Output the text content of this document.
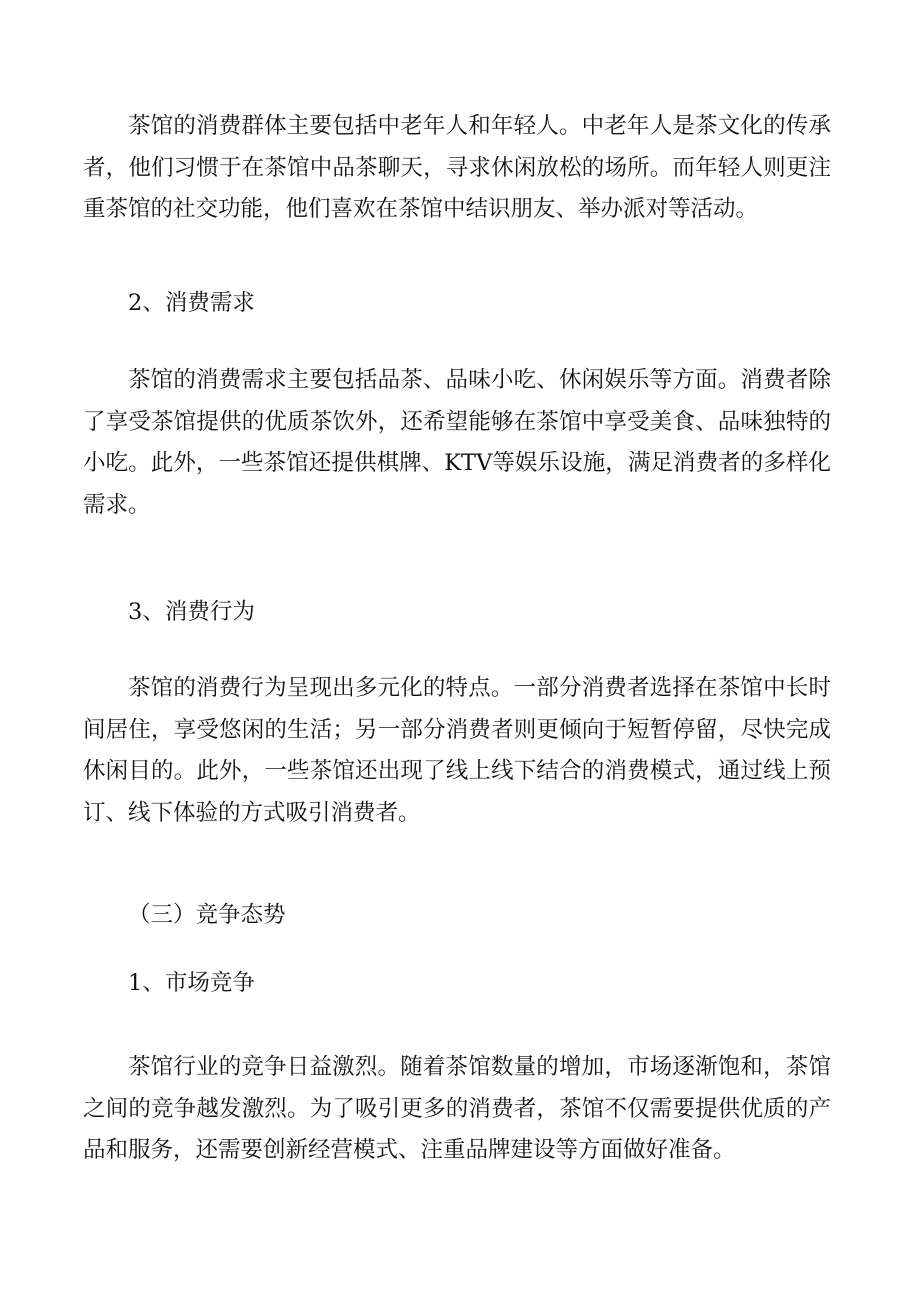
茶馆的消费群体主要包括中老年人和年轻人。中老年人是茶文化的传承者，他们习惯于在茶馆中品茶聊天，寻求休闲放松的场所。而年轻人则更注重茶馆的社交功能，他们喜欢在茶馆中结识朋友、举办派对等活动。

2、消费需求

茶馆的消费需求主要包括品茶、品味小吃、休闲娱乐等方面。消费者除了享受茶馆提供的优质茶饮外，还希望能够在茶馆中享受美食、品味独特的小吃。此外，一些茶馆还提供棋牌、KTV等娱乐设施，满足消费者的多样化需求。

3、消费行为

茶馆的消费行为呈现出多元化的特点。一部分消费者选择在茶馆中长时间居住，享受悠闲的生活；另一部分消费者则更倾向于短暂停留，尽快完成休闲目的。此外，一些茶馆还出现了线上线下结合的消费模式，通过线上预订、线下体验的方式吸引消费者。

（三）竞争态势

1、市场竞争

茶馆行业的竞争日益激烈。随着茶馆数量的增加，市场逐渐饱和，茶馆之间的竞争越发激烈。为了吸引更多的消费者，茶馆不仅需要提供优质的产品和服务，还需要创新经营模式、注重品牌建设等方面做好准备。
